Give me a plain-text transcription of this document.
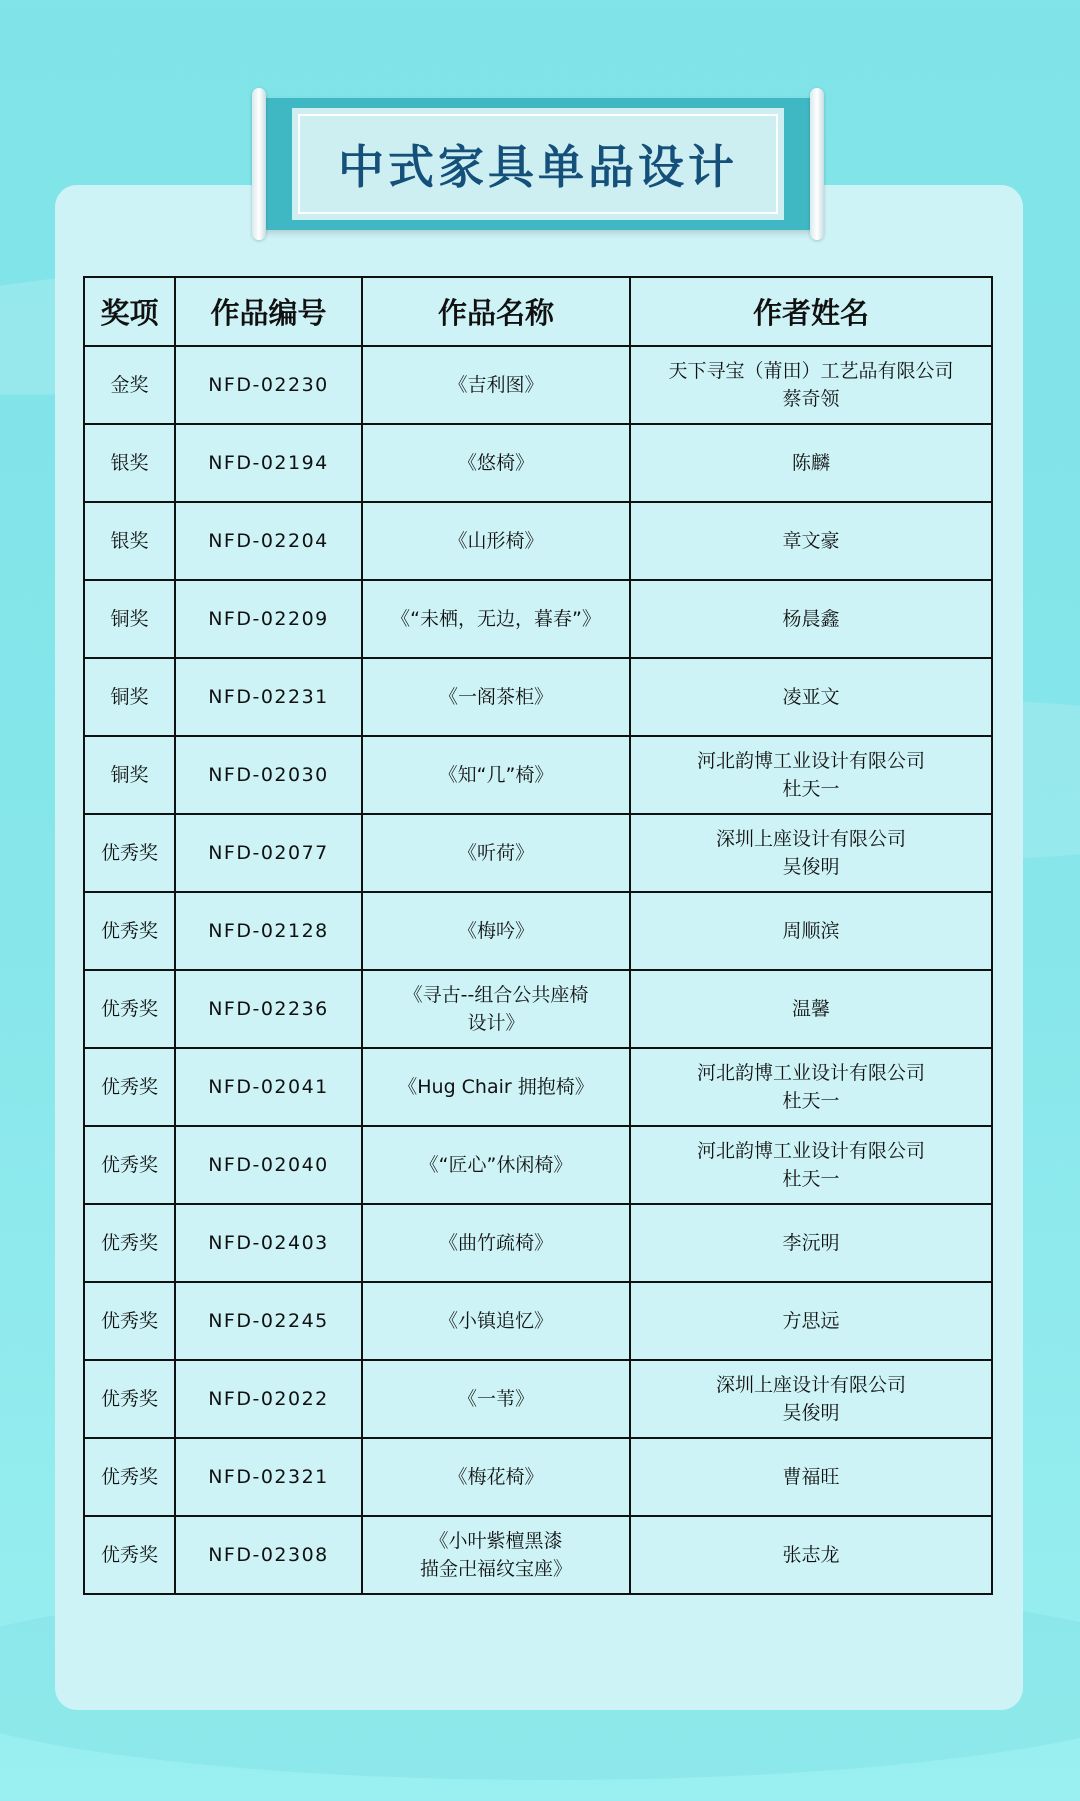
中式家具单品设计
奖项	作品编号	作品名称	作者姓名
金奖	NFD-02230	《吉利图》	天下寻宝（莆田）工艺品有限公司
蔡奇领

银奖	NFD-02194	《悠椅》	陈麟

银奖	NFD-02204	《山形椅》	章文豪

铜奖	NFD-02209	《“未栖，无边，暮春”》	杨晨鑫

铜奖	NFD-02231	《一阁茶柜》	凌亚文

铜奖	NFD-02030	《知“几”椅》	河北韵博工业设计有限公司
杜天一

优秀奖	NFD-02077	《听荷》	深圳上座设计有限公司
吴俊明

优秀奖	NFD-02128	《梅吟》	周顺滨

优秀奖	NFD-02236	《寻古--组合公共座椅
设计》	温馨

优秀奖	NFD-02041	《Hug Chair 拥抱椅》	河北韵博工业设计有限公司
杜天一

优秀奖	NFD-02040	《“匠心”休闲椅》	河北韵博工业设计有限公司
杜天一

优秀奖	NFD-02403	《曲竹疏椅》	李沅明

优秀奖	NFD-02245	《小镇追忆》	方思远

优秀奖	NFD-02022	《一苇》	深圳上座设计有限公司
吴俊明

优秀奖	NFD-02321	《梅花椅》	曹福旺

优秀奖	NFD-02308	《小叶紫檀黑漆
描金卍福纹宝座》	张志龙
